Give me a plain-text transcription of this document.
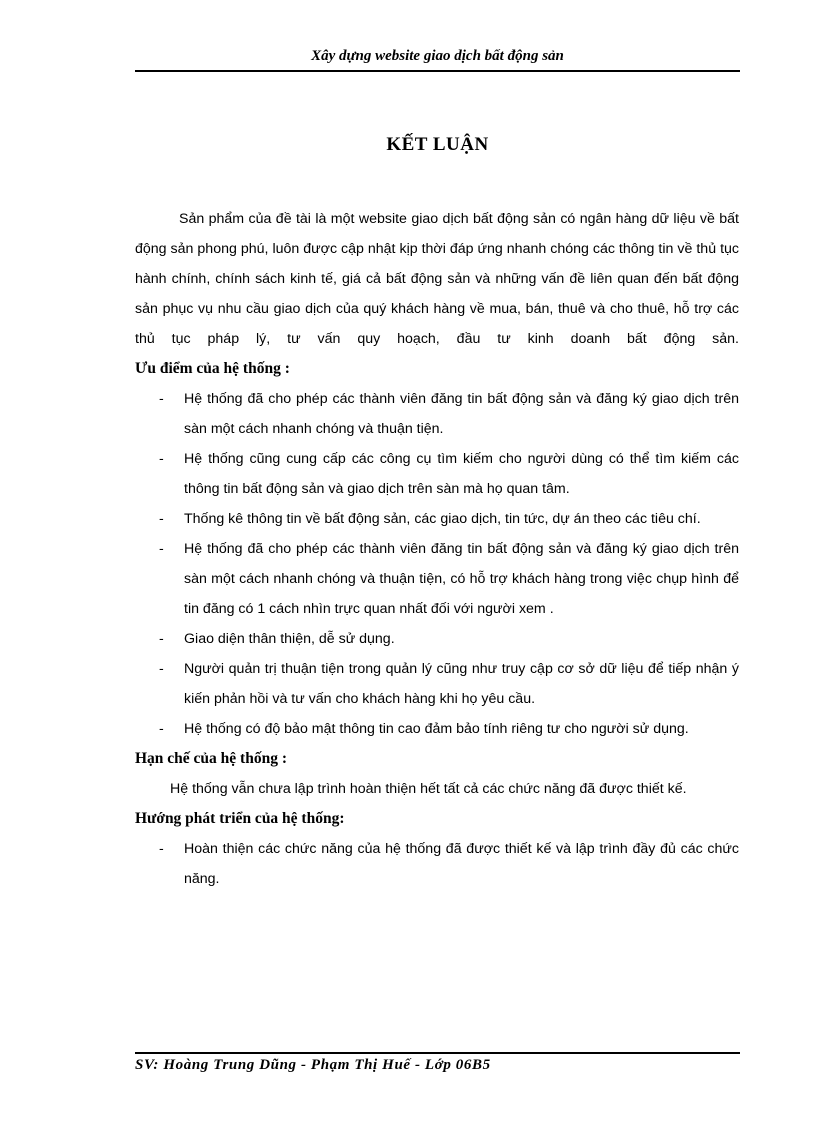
Xây dựng website giao dịch bất động sản
KẾT LUẬN

Sản phẩm của đề tài là một website giao dịch bất động sản có ngân hàng dữ liệu về bất động sản phong phú, luôn được cập nhật kịp thời đáp ứng nhanh chóng các thông tin về thủ tục hành chính, chính sách kinh tế, giá cả bất động sản và những vấn đề liên quan đến bất động sản phục vụ nhu cầu giao dịch của quý khách hàng về mua, bán, thuê và cho thuê, hỗ trợ các thủ tục pháp lý, tư vấn quy hoạch, đầu tư kinh doanh bất động sản.

Ưu điểm của hệ thống :

- Hệ thống đã cho phép các thành viên đăng tin bất động sản và đăng ký giao dịch trên sàn một cách nhanh chóng và thuận tiện.
- Hệ thống cũng cung cấp các công cụ tìm kiếm cho người dùng có thể tìm kiếm các thông tin bất động sản và giao dịch trên sàn mà họ quan tâm.
- Thống kê thông tin về bất động sản, các giao dịch, tin tức, dự án theo các tiêu chí.
- Hệ thống đã cho phép các thành viên đăng tin bất động sản và đăng ký giao dịch trên sàn một cách nhanh chóng và thuận tiện, có hỗ trợ khách hàng trong việc chụp hình để tin đăng có 1 cách nhìn trực quan nhất đối với người xem .
- Giao diện thân thiện, dễ sử dụng.
- Người quản trị thuận tiện trong quản lý cũng như truy cập cơ sở dữ liệu để tiếp nhận ý kiến phản hồi và tư vấn cho khách hàng khi họ yêu cầu.
- Hệ thống có độ bảo mật thông tin cao đảm bảo tính riêng tư cho người sử dụng.

Hạn chế của hệ thống :

Hệ thống vẫn chưa lập trình hoàn thiện hết tất cả các chức năng đã được thiết kế.

Hướng phát triển của hệ thống:

- Hoàn thiện các chức năng của hệ thống đã được thiết kế và lập trình đầy đủ các chức năng.
SV: Hoàng Trung Dũng - Phạm Thị Huế - Lớp 06B5
